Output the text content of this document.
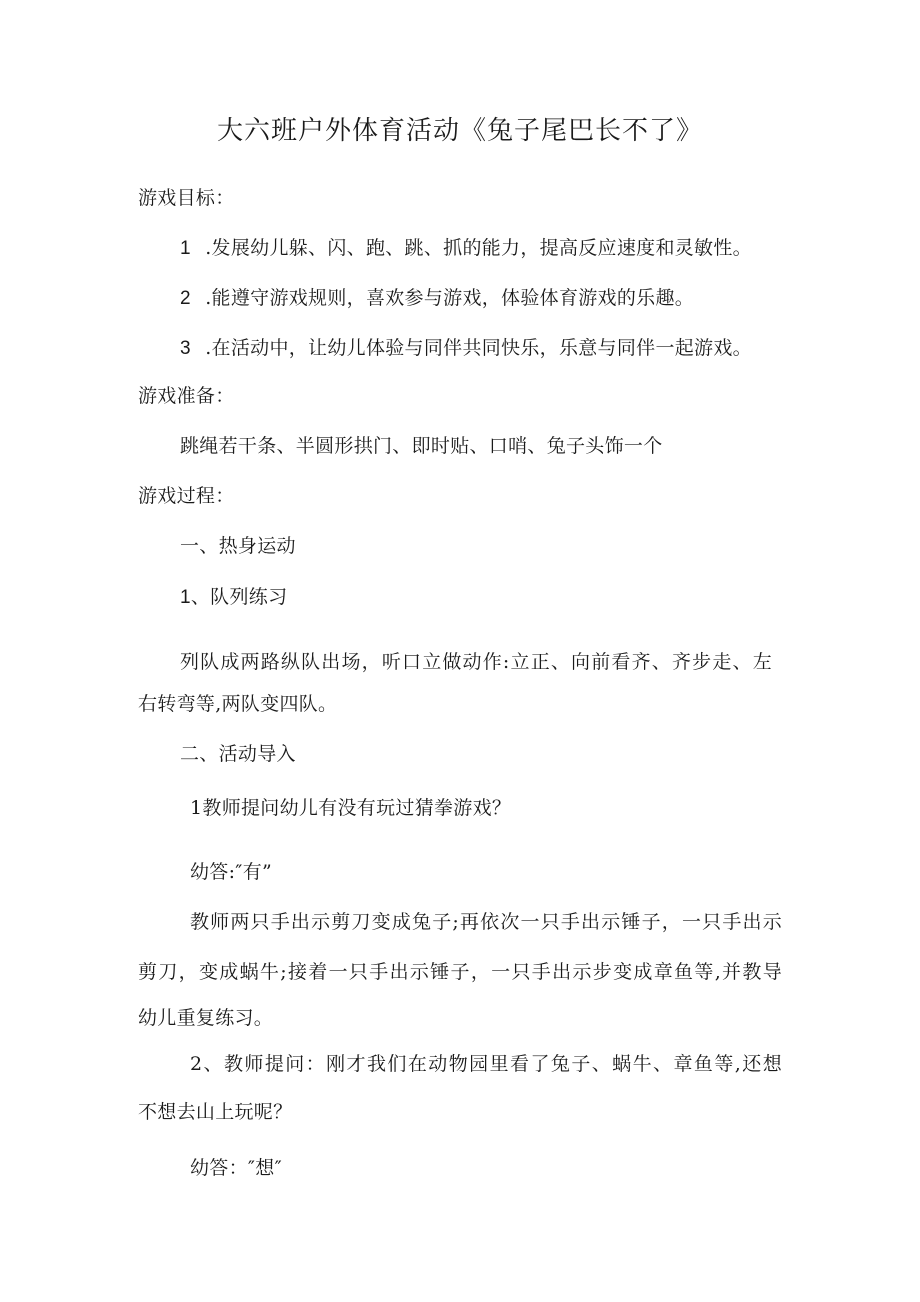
大六班户外体育活动《兔子尾巴长不了》
游戏目标：
1 .发展幼儿躲、闪、跑、跳、抓的能力，提高反应速度和灵敏性。
2 .能遵守游戏规则，喜欢参与游戏，体验体育游戏的乐趣。
3 .在活动中，让幼儿体验与同伴共同快乐，乐意与同伴一起游戏。
游戏准备：
跳绳若干条、半圆形拱门、即时贴、口哨、兔子头饰一个
游戏过程：
一、热身运动
1、队列练习
列队成两路纵队出场，听口立做动作:立正、向前看齐、齐步走、左
右转弯等,两队变四队。
二、活动导入
1教师提问幼儿有没有玩过猜拳游戏？
幼答:″有”
教师两只手出示剪刀变成兔子;再依次一只手出示锤子，一只手出示
剪刀，变成蜗牛;接着一只手出示锤子，一只手出示步变成章鱼等,并教导
幼儿重复练习。
2、教师提问：刚才我们在动物园里看了兔子、蜗牛、章鱼等,还想
不想去山上玩呢？
幼答：″想″
